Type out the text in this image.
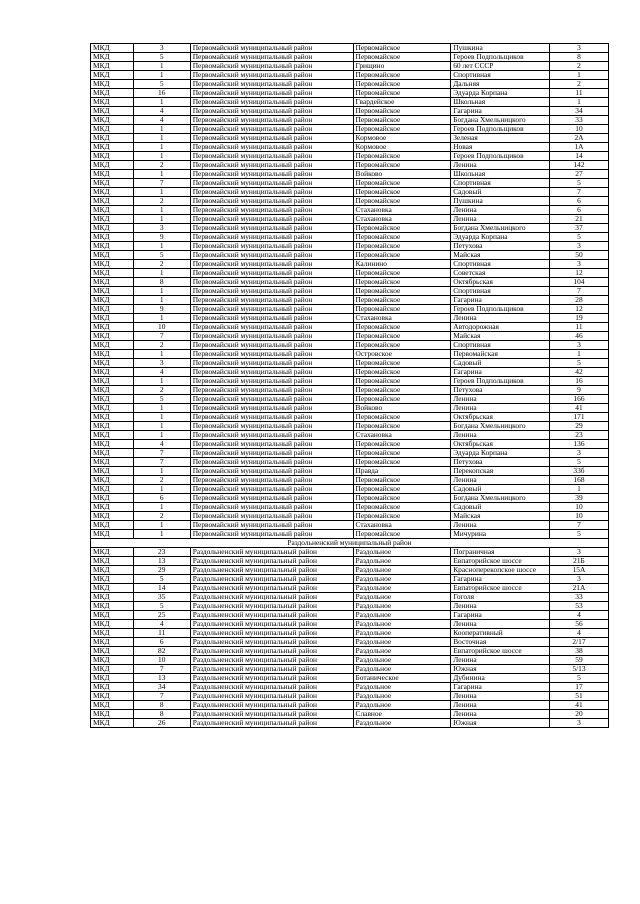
МКД	3	Первомайский муниципальный район	Первомайское	Пушкина	3
МКД	5	Первомайский муниципальный район	Первомайское	Героев Подпольщиков	8
МКД	1	Первомайский муниципальный район	Грищино	60 лет СССР	2
МКД	1	Первомайский муниципальный район	Первомайское	Спортивная	1
МКД	5	Первомайский муниципальный район	Первомайское	Дальняя	2
МКД	16	Первомайский муниципальный район	Первомайское	Эдуарда Корпана	11
МКД	1	Первомайский муниципальный район	Гвардейское	Школьная	1
МКД	4	Первомайский муниципальный район	Первомайское	Гагарина	34
МКД	4	Первомайский муниципальный район	Первомайское	Богдана Хмельницкого	33
МКД	1	Первомайский муниципальный район	Первомайское	Героев Подпольщиков	10
МКД	1	Первомайский муниципальный район	Кормовое	Зеленая	2А
МКД	1	Первомайский муниципальный район	Кормовое	Новая	1А
МКД	1	Первомайский муниципальный район	Первомайское	Героев Подпольщиков	14
МКД	2	Первомайский муниципальный район	Первомайское	Ленина	142
МКД	1	Первомайский муниципальный район	Войково	Школьная	27
МКД	7	Первомайский муниципальный район	Первомайское	Спортивная	5
МКД	1	Первомайский муниципальный район	Первомайское	Садовый	7
МКД	2	Первомайский муниципальный район	Первомайское	Пушкина	6
МКД	1	Первомайский муниципальный район	Стахановка	Ленина	6
МКД	1	Первомайский муниципальный район	Стахановка	Ленина	21
МКД	3	Первомайский муниципальный район	Первомайское	Богдана Хмельницкого	37
МКД	9	Первомайский муниципальный район	Первомайское	Эдуарда Корпана	5
МКД	1	Первомайский муниципальный район	Первомайское	Петухова	3
МКД	5	Первомайский муниципальный район	Первомайское	Майская	50
МКД	2	Первомайский муниципальный район	Калинино	Спортивная	3
МКД	1	Первомайский муниципальный район	Первомайское	Советская	12
МКД	8	Первомайский муниципальный район	Первомайское	Октябрьская	104
МКД	1	Первомайский муниципальный район	Первомайское	Спортивная	7
МКД	1	Первомайский муниципальный район	Первомайское	Гагарина	28
МКД	9	Первомайский муниципальный район	Первомайское	Героев Подпольщиков	12
МКД	1	Первомайский муниципальный район	Стахановка	Ленина	19
МКД	10	Первомайский муниципальный район	Первомайское	Автодорожная	11
МКД	7	Первомайский муниципальный район	Первомайское	Майская	46
МКД	2	Первомайский муниципальный район	Первомайское	Спортивная	3
МКД	1	Первомайский муниципальный район	Островское	Первомайская	1
МКД	3	Первомайский муниципальный район	Первомайское	Садовый	5
МКД	4	Первомайский муниципальный район	Первомайское	Гагарина	42
МКД	1	Первомайский муниципальный район	Первомайское	Героев Подпольщиков	16
МКД	2	Первомайский муниципальный район	Первомайское	Петухова	9
МКД	5	Первомайский муниципальный район	Первомайское	Ленина	166
МКД	1	Первомайский муниципальный район	Войково	Ленина	41
МКД	1	Первомайский муниципальный район	Первомайское	Октябрьская	171
МКД	1	Первомайский муниципальный район	Первомайское	Богдана Хмельницкого	29
МКД	1	Первомайский муниципальный район	Стахановка	Ленина	23
МКД	4	Первомайский муниципальный район	Первомайское	Октябрьская	136
МКД	7	Первомайский муниципальный район	Первомайское	Эдуарда Корпана	3
МКД	7	Первомайский муниципальный район	Первомайское	Петухова	5
МКД	1	Первомайский муниципальный район	Правда	Перекопская	33б
МКД	2	Первомайский муниципальный район	Первомайское	Ленина	168
МКД	1	Первомайский муниципальный район	Первомайское	Садовый	1
МКД	6	Первомайский муниципальный район	Первомайское	Богдана Хмельницкого	39
МКД	1	Первомайский муниципальный район	Первомайское	Садовый	10
МКД	2	Первомайский муниципальный район	Первомайское	Майская	10
МКД	1	Первомайский муниципальный район	Стахановка	Ленина	7
МКД	1	Первомайский муниципальный район	Первомайское	Мичурина	5
Раздольненский муниципальный район					
МКД	23	Раздольненский муниципальный район	Раздольное	Пограничная	3
МКД	13	Раздольненский муниципальный район	Раздольное	Евпаторийское шоссе	21Б
МКД	29	Раздольненский муниципальный район	Раздольное	Красноперекопское шоссе	15А
МКД	5	Раздольненский муниципальный район	Раздольное	Гагарина	3
МКД	14	Раздольненский муниципальный район	Раздольное	Евпаторийское шоссе	21А
МКД	35	Раздольненский муниципальный район	Раздольное	Гоголя	33
МКД	5	Раздольненский муниципальный район	Раздольное	Ленина	53
МКД	25	Раздольненский муниципальный район	Раздольное	Гагарина	4
МКД	4	Раздольненский муниципальный район	Раздольное	Ленина	56
МКД	11	Раздольненский муниципальный район	Раздольное	Кооперативный	4
МКД	6	Раздольненский муниципальный район	Раздольное	Восточная	2/17
МКД	82	Раздольненский муниципальный район	Раздольное	Евпаторийское шоссе	38
МКД	10	Раздольненский муниципальный район	Раздольное	Ленина	59
МКД	7	Раздольненский муниципальный район	Раздольное	Южная	5/13
МКД	13	Раздольненский муниципальный район	Ботаническое	Дубинина	5
МКД	34	Раздольненский муниципальный район	Раздольное	Гагарина	17
МКД	7	Раздольненский муниципальный район	Раздольное	Ленина	51
МКД	8	Раздольненский муниципальный район	Раздольное	Ленина	41
МКД	8	Раздольненский муниципальный район	Славное	Ленина	20
МКД	26	Раздольненский муниципальный район	Раздольное	Южная	3
